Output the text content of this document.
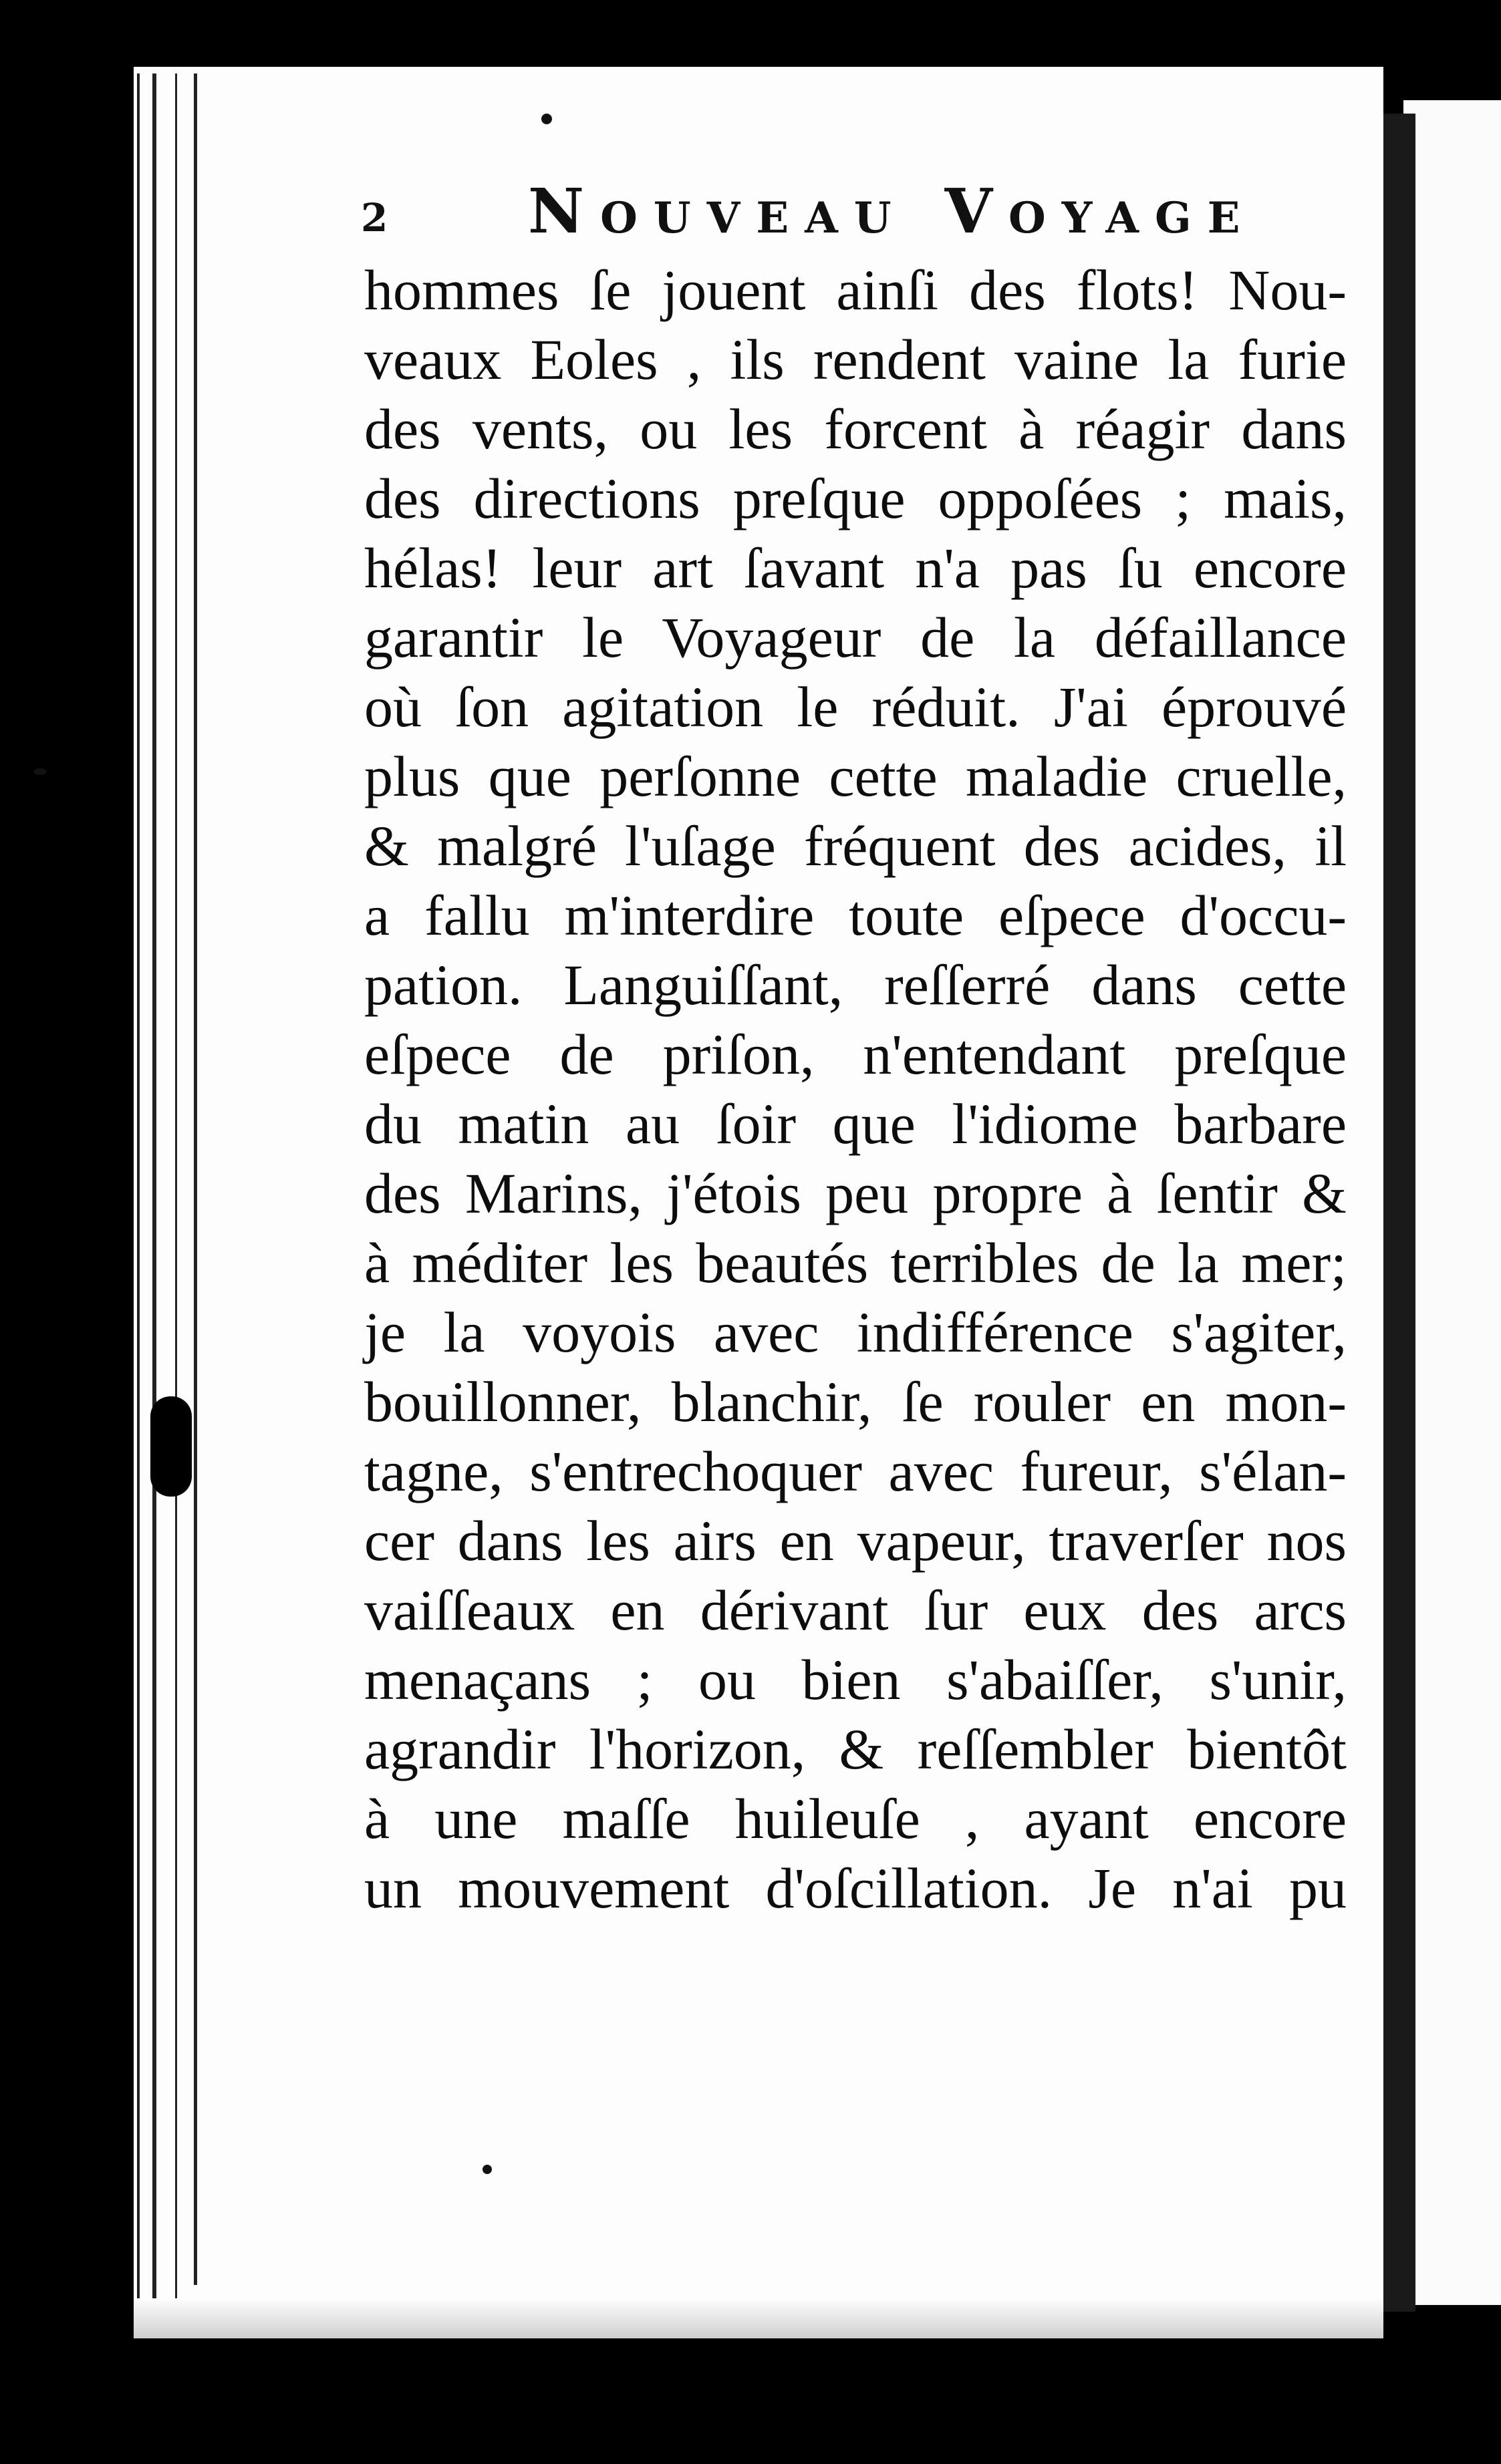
2 Nouveau Voyage
hommes ſe jouent ainſi des flots! Nou-
veaux Eoles , ils rendent vaine la furie
des vents, ou les forcent à réagir dans
des directions preſque oppoſées ; mais,
hélas! leur art ſavant n'a pas ſu encore
garantir le Voyageur de la défaillance
où ſon agitation le réduit. J'ai éprouvé
plus que perſonne cette maladie cruelle,
& malgré l'uſage fréquent des acides, il
a fallu m'interdire toute eſpece d'occu-
pation. Languiſſant, reſſerré dans cette
eſpece de priſon, n'entendant preſque
du matin au ſoir que l'idiome barbare
des Marins, j'étois peu propre à ſentir &
à méditer les beautés terribles de la mer;
je la voyois avec indifférence s'agiter,
bouillonner, blanchir, ſe rouler en mon-
tagne, s'entrechoquer avec fureur, s'élan-
cer dans les airs en vapeur, traverſer nos
vaiſſeaux en dérivant ſur eux des arcs
menaçans ; ou bien s'abaiſſer, s'unir,
agrandir l'horizon, & reſſembler bientôt
à une maſſe huileuſe , ayant encore
un mouvement d'oſcillation. Je n'ai pu
